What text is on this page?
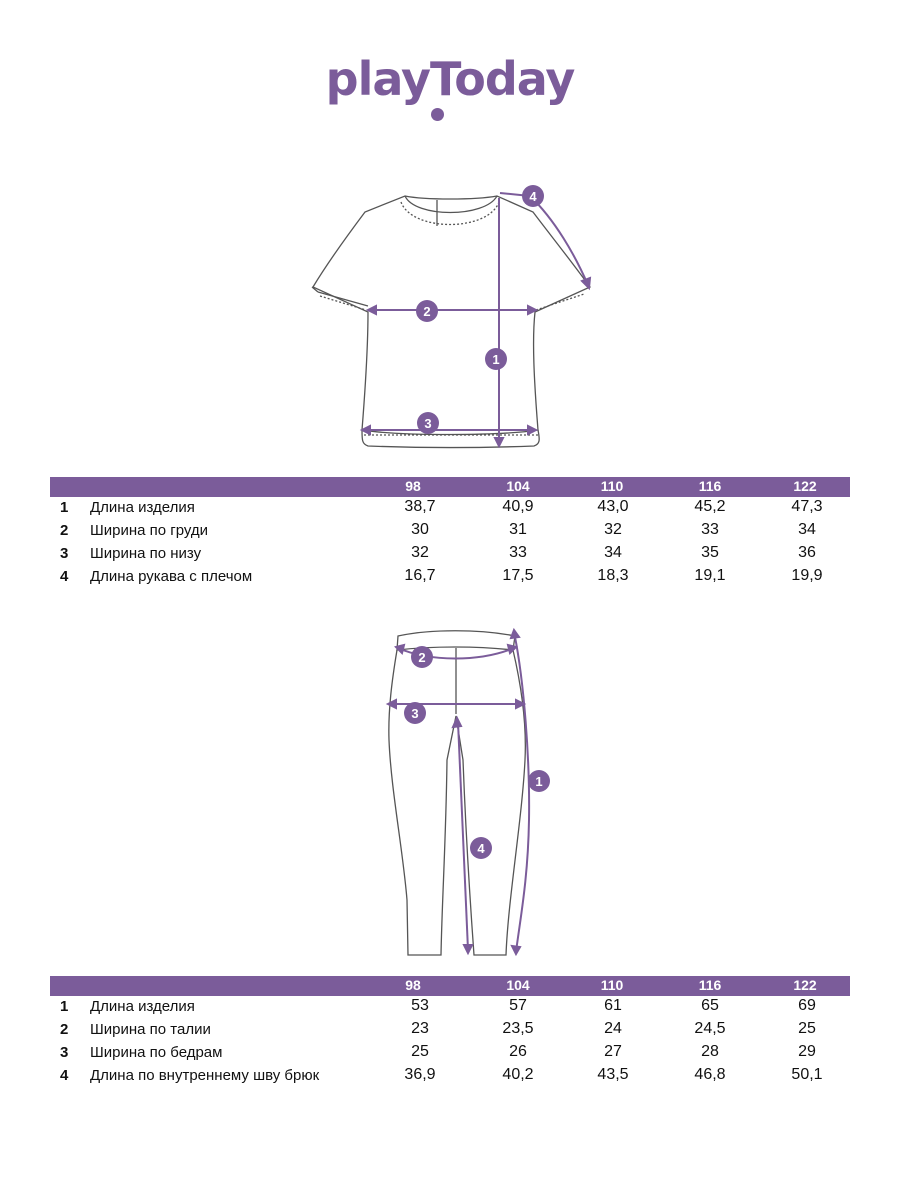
playToday
1
2
3
4
98	104	110	116	122
1 Длина изделия	38,7	40,9	43,0	45,2	47,3
2 Ширина по груди	30	31	32	33	34
3 Ширина по низу	32	33	34	35	36
4 Длина рукава с плечом	16,7	17,5	18,3	19,1	19,9
1
2
3
4
98	104	110	116	122
1 Длина изделия	53	57	61	65	69
2 Ширина по талии	23	23,5	24	24,5	25
3 Ширина по бедрам	25	26	27	28	29
4 Длина по внутреннему шву брюк	36,9	40,2	43,5	46,8	50,1
